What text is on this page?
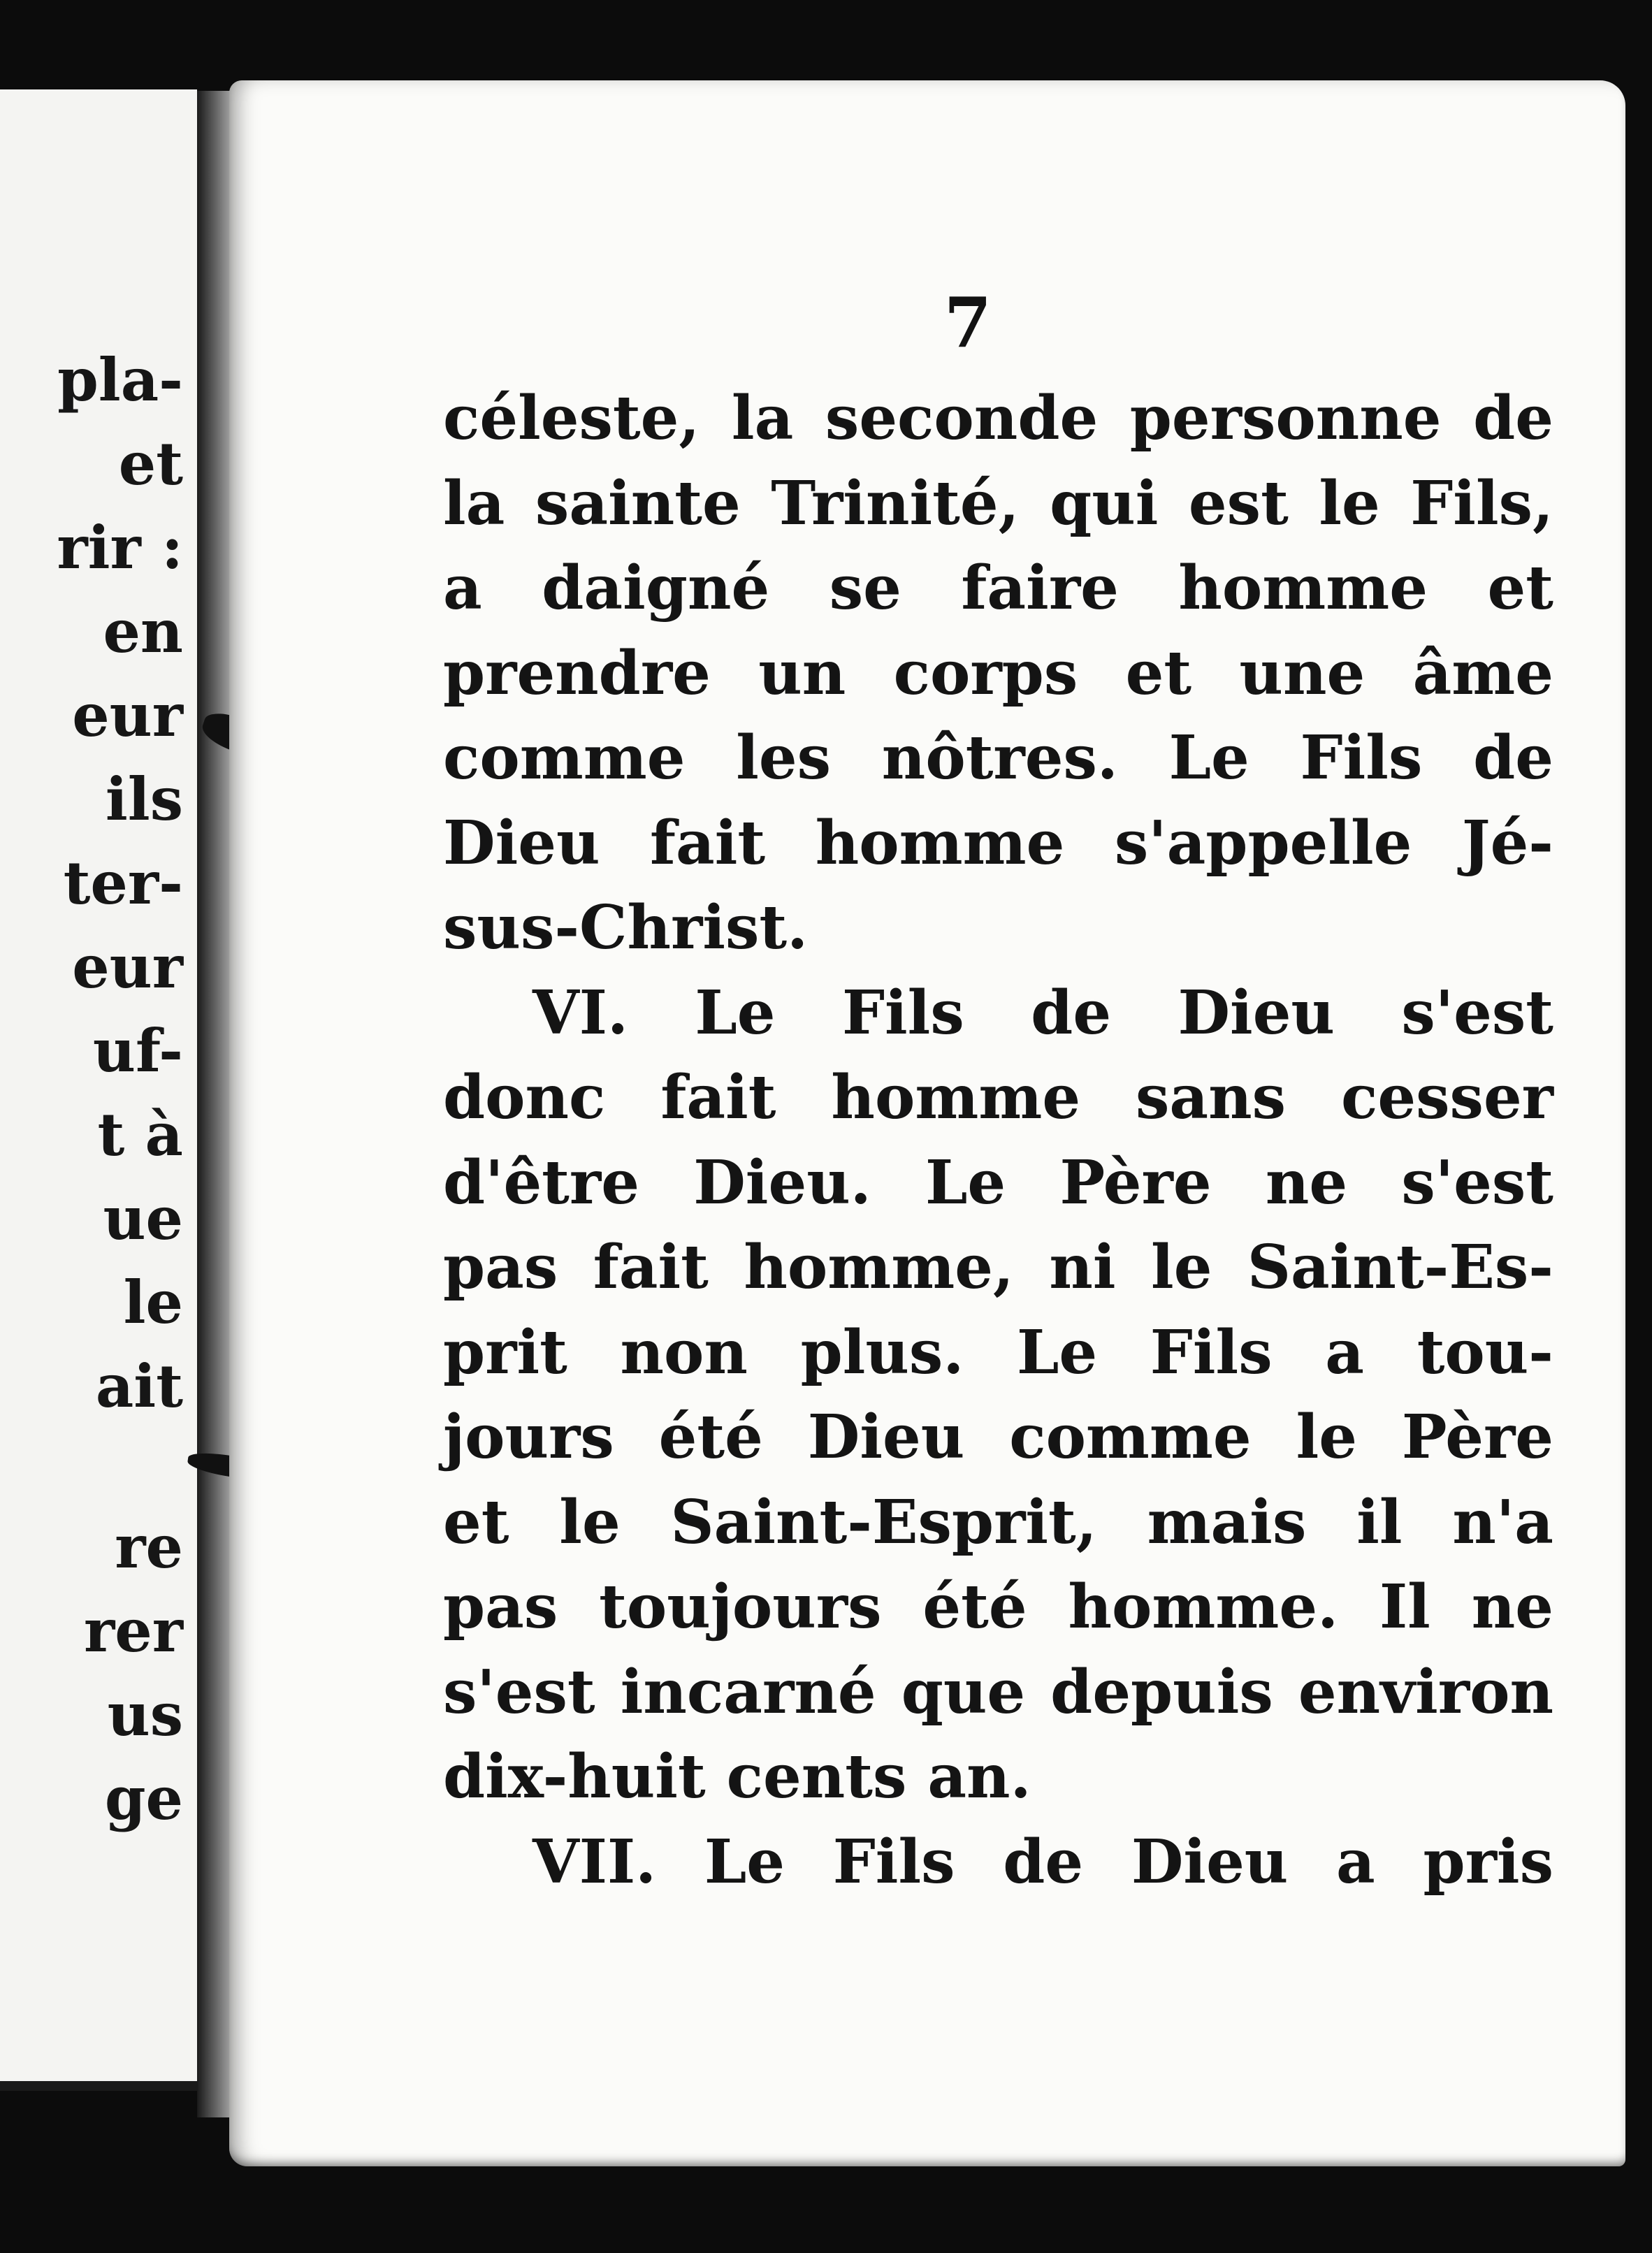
pla-
et
rir :
en
eur
ils
ter-
eur
uf-
t à
ue
le
ait
re
rer
us
ge
7
céleste, la seconde personne de
la sainte Trinité, qui est le Fils,
a daigné se faire homme et
prendre un corps et une âme
comme les nôtres. Le Fils de
Dieu fait homme s'appelle Jé-
sus-Christ.
VI. Le Fils de Dieu s'est
donc fait homme sans cesser
d'être Dieu. Le Père ne s'est
pas fait homme, ni le Saint-Es-
prit non plus. Le Fils a tou-
jours été Dieu comme le Père
et le Saint-Esprit, mais il n'a
pas toujours été homme. Il ne
s'est incarné que depuis environ
dix-huit cents an.
VII. Le Fils de Dieu a pris
